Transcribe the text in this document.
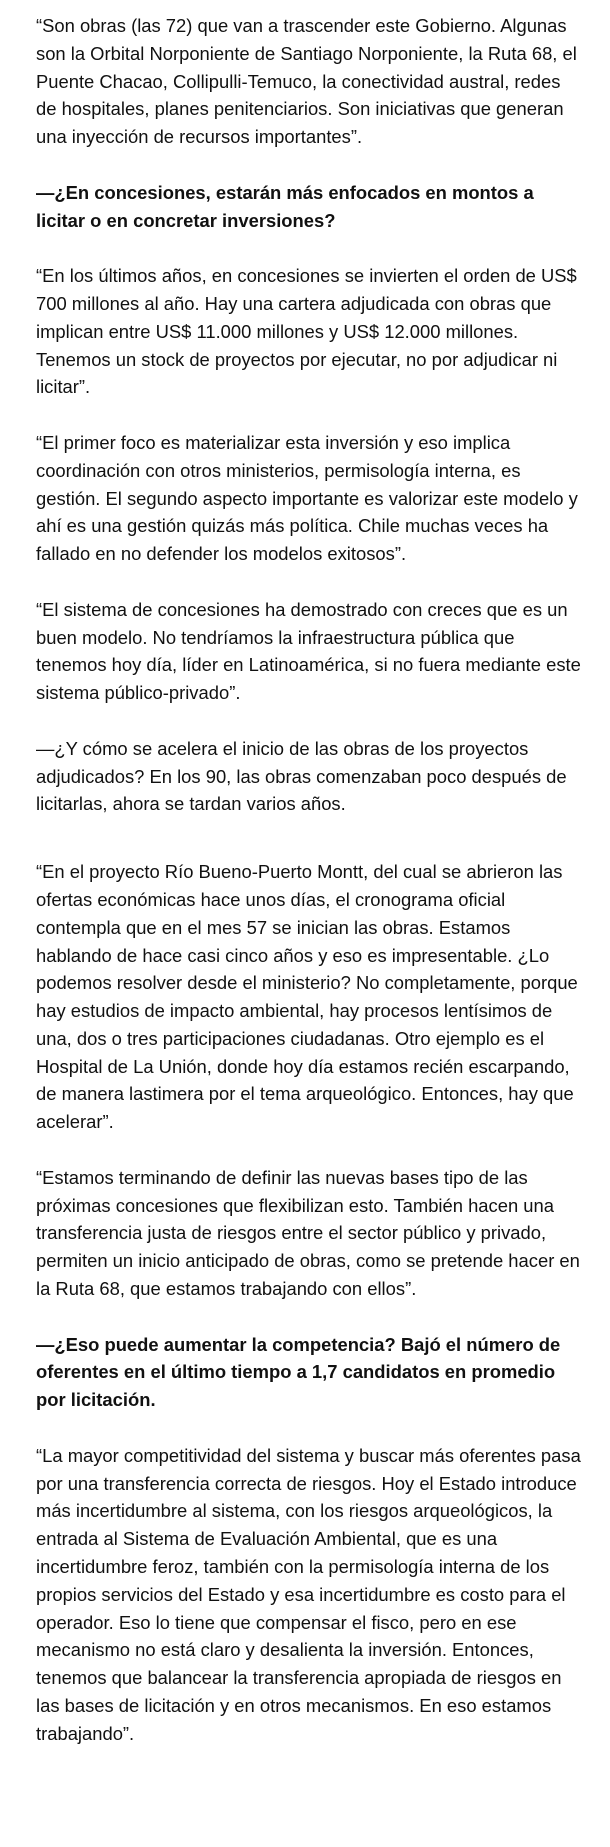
“Son obras (las 72) que van a trascender este Gobierno. Algunas son la Orbital Norponiente de Santiago Norponiente, la Ruta 68, el Puente Chacao, Collipulli-Temuco, la conectividad austral, redes de hospitales, planes penitenciarios. Son iniciativas que generan una inyección de recursos importantes”.

—¿En concesiones, estarán más enfocados en montos a licitar o en concretar inversiones?

“En los últimos años, en concesiones se invierten el orden de US$ 700 millones al año. Hay una cartera adjudicada con obras que implican entre US$ 11.000 millones y US$ 12.000 millones. Tenemos un stock de proyectos por ejecutar, no por adjudicar ni licitar”.

“El primer foco es materializar esta inversión y eso implica coordinación con otros ministerios, permisología interna, es gestión. El segundo aspecto importante es valorizar este modelo y ahí es una gestión quizás más política. Chile muchas veces ha fallado en no defender los modelos exitosos”.

“El sistema de concesiones ha demostrado con creces que es un buen modelo. No tendríamos la infraestructura pública que tenemos hoy día, líder en Latinoamérica, si no fuera mediante este sistema público-privado”.

—¿Y cómo se acelera el inicio de las obras de los proyectos adjudicados? En los 90, las obras comenzaban poco después de licitarlas, ahora se tardan varios años.

“En el proyecto Río Bueno-Puerto Montt, del cual se abrieron las ofertas económicas hace unos días, el cronograma oficial contempla que en el mes 57 se inician las obras. Estamos hablando de hace casi cinco años y eso es impresentable. ¿Lo podemos resolver desde el ministerio? No completamente, porque hay estudios de impacto ambiental, hay procesos lentísimos de una, dos o tres participaciones ciudadanas. Otro ejemplo es el Hospital de La Unión, donde hoy día estamos recién escarpando, de manera lastimera por el tema arqueológico. Entonces, hay que acelerar”.

“Estamos terminando de definir las nuevas bases tipo de las próximas concesiones que flexibilizan esto. También hacen una transferencia justa de riesgos entre el sector público y privado, permiten un inicio anticipado de obras, como se pretende hacer en la Ruta 68, que estamos trabajando con ellos”.

—¿Eso puede aumentar la competencia? Bajó el número de oferentes en el último tiempo a 1,7 candidatos en promedio por licitación.

“La mayor competitividad del sistema y buscar más oferentes pasa por una transferencia correcta de riesgos. Hoy el Estado introduce más incertidumbre al sistema, con los riesgos arqueológicos, la entrada al Sistema de Evaluación Ambiental, que es una incertidumbre feroz, también con la permisología interna de los propios servicios del Estado y esa incertidumbre es costo para el operador. Eso lo tiene que compensar el fisco, pero en ese mecanismo no está claro y desalienta la inversión. Entonces, tenemos que balancear la transferencia apropiada de riesgos en las bases de licitación y en otros mecanismos. En eso estamos trabajando”.
